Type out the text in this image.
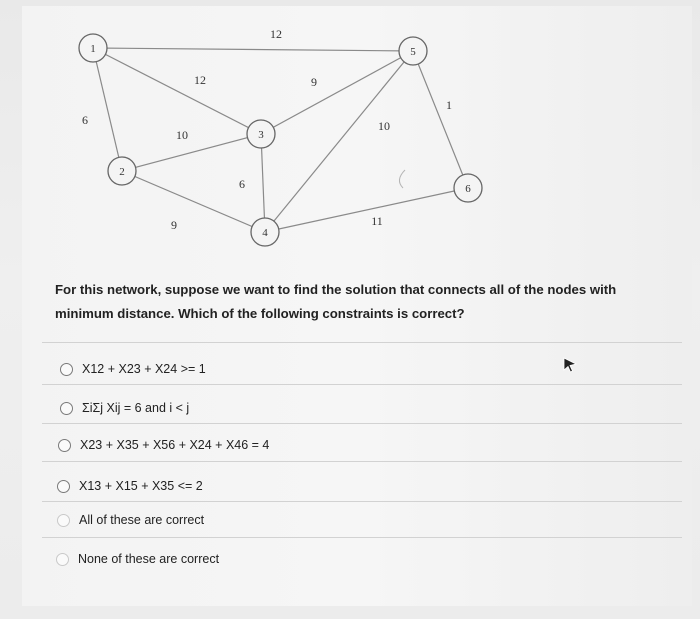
12
12
6
10
9
9
6
10
1
11
1
2
3
4
5
6
For this network, suppose we want to find the solution that connects all of the nodes with minimum distance. Which of the following constraints is correct?
X12 + X23 + X24 >= 1
ΣiΣj Xij = 6 and i < j
X23 + X35 + X56 + X24 + X46 = 4
X13 + X15 + X35 <= 2
All of these are correct
None of these are correct
